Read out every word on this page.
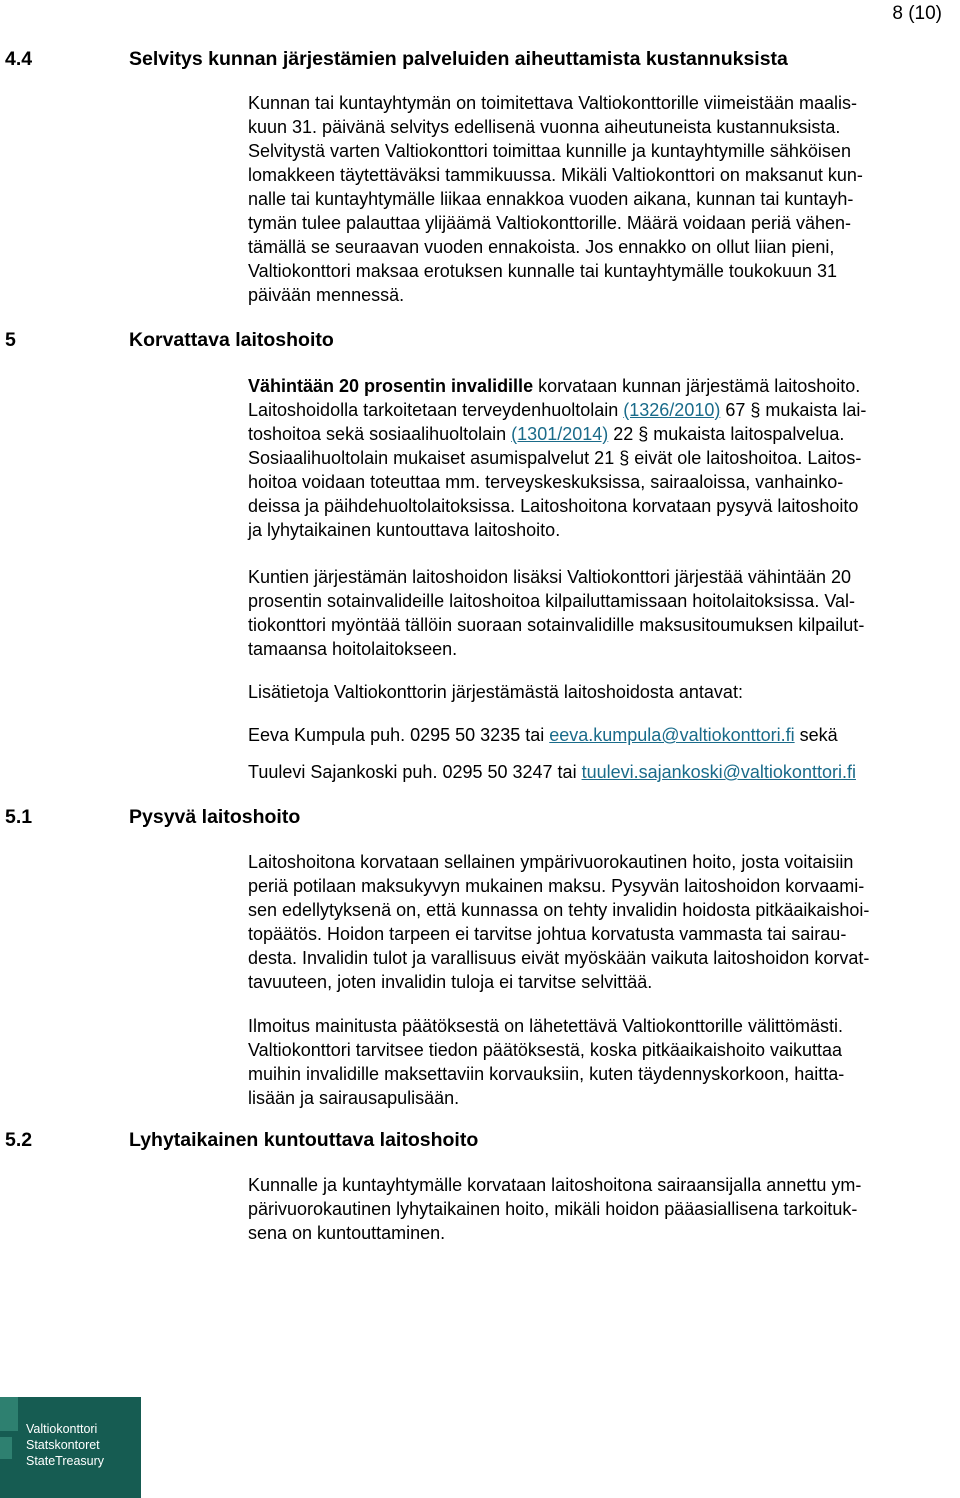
8 (10)
4.4	Selvitys kunnan järjestämien palveluiden aiheuttamista kustannuksista
Kunnan tai kuntayhtymän on toimitettava Valtiokonttorille viimeistään maalis-
kuun 31. päivänä selvitys edellisenä vuonna aiheutuneista kustannuksista.
Selvitystä varten Valtiokonttori toimittaa kunnille ja kuntayhtymille sähköisen
lomakkeen täytettäväksi tammikuussa. Mikäli Valtiokonttori on maksanut kun-
nalle tai kuntayhtymälle liikaa ennakkoa vuoden aikana, kunnan tai kuntayh-
tymän tulee palauttaa ylijäämä Valtiokonttorille. Määrä voidaan periä vähen-
tämällä se seuraavan vuoden ennakoista. Jos ennakko on ollut liian pieni,
Valtiokonttori maksaa erotuksen kunnalle tai kuntayhtymälle toukokuun 31
päivään mennessä.
5	Korvattava laitoshoito
Vähintään 20 prosentin invalidille korvataan kunnan järjestämä laitoshoito.
Laitoshoidolla tarkoitetaan terveydenhuoltolain (1326/2010) 67 § mukaista lai-
toshoitoa sekä sosiaalihuoltolain (1301/2014) 22 § mukaista laitospalvelua.
Sosiaalihuoltolain mukaiset asumispalvelut 21 § eivät ole laitoshoitoa. Laitos-
hoitoa voidaan toteuttaa mm. terveyskeskuksissa, sairaaloissa, vanhainko-
deissa ja päihdehuoltolaitoksissa. Laitoshoitona korvataan pysyvä laitoshoito
ja lyhytaikainen kuntouttava laitoshoito.
Kuntien järjestämän laitoshoidon lisäksi Valtiokonttori järjestää vähintään 20
prosentin sotainvalideille laitoshoitoa kilpailuttamissaan hoitolaitoksissa. Val-
tiokonttori myöntää tällöin suoraan sotainvalidille maksusitoumuksen kilpailut-
tamaansa hoitolaitokseen.
Lisätietoja Valtiokonttorin järjestämästä laitoshoidosta antavat:
Eeva Kumpula puh. 0295 50 3235 tai eeva.kumpula@valtiokonttori.fi sekä
Tuulevi Sajankoski puh. 0295 50 3247 tai tuulevi.sajankoski@valtiokonttori.fi
5.1	Pysyvä laitoshoito
Laitoshoitona korvataan sellainen ympärivuorokautinen hoito, josta voitaisiin
periä potilaan maksukyvyn mukainen maksu. Pysyvän laitoshoidon korvaami-
sen edellytyksenä on, että kunnassa on tehty invalidin hoidosta pitkäaikaishoi-
topäätös. Hoidon tarpeen ei tarvitse johtua korvatusta vammasta tai sairau-
desta. Invalidin tulot ja varallisuus eivät myöskään vaikuta laitoshoidon korvat-
tavuuteen, joten invalidin tuloja ei tarvitse selvittää.
Ilmoitus mainitusta päätöksestä on lähetettävä Valtiokonttorille välittömästi.
Valtiokonttori tarvitsee tiedon päätöksestä, koska pitkäaikaishoito vaikuttaa
muihin invalidille maksettaviin korvauksiin, kuten täydennyskorkoon, haitta-
lisään ja sairausapulisään.
5.2	Lyhytaikainen kuntouttava laitoshoito
Kunnalle ja kuntayhtymälle korvataan laitoshoitona sairaansijalla annettu ym-
pärivuorokautinen lyhytaikainen hoito, mikäli hoidon pääasiallisena tarkoituk-
sena on kuntouttaminen.
Valtiokonttori
Statskontoret
StateTreasury
